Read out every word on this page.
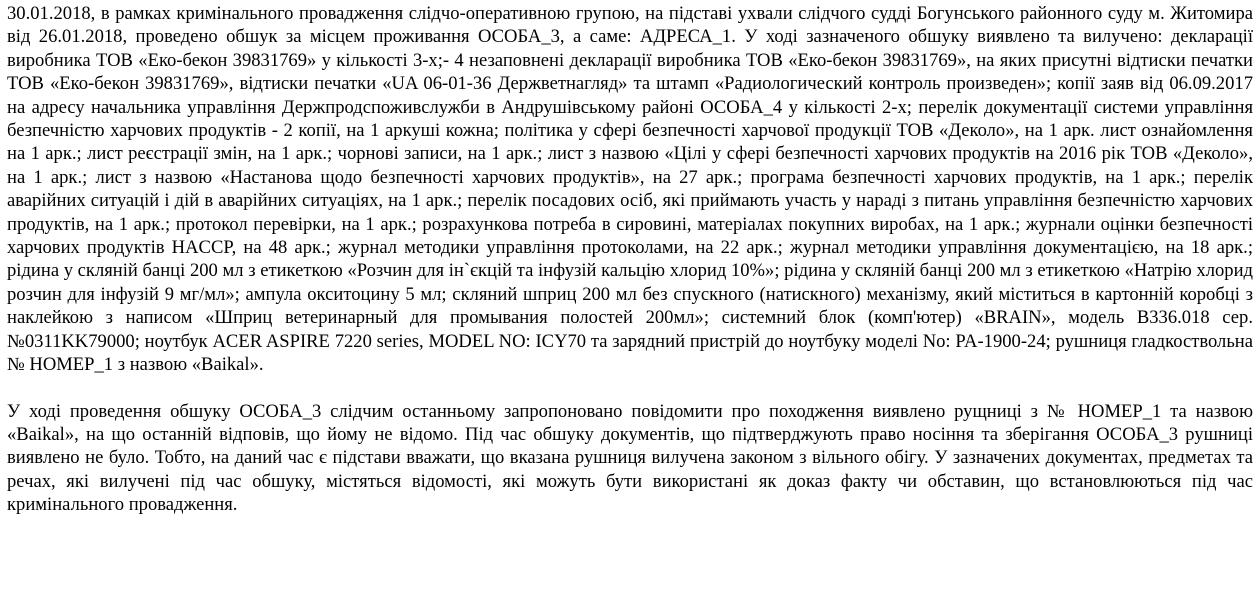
30.01.2018, в рамках кримінального провадження слідчо-оперативною групою, на підставі ухвали слідчого судді Богунського районного суду м. Житомира від 26.01.2018, проведено обшук за місцем проживання ОСОБА_3, а саме: АДРЕСА_1. У ході зазначеного обшуку виявлено та вилучено: декларації виробника ТОВ «Еко-бекон 39831769» у кількості 3-х;- 4 незаповнені декларації виробника ТОВ «Еко-бекон 39831769», на яких присутні відтиски печатки ТОВ «Еко-бекон 39831769», відтиски печатки «UA 06-01-36 Держветнагляд» та штамп «Радиологический контроль произведен»; копії заяв від 06.09.2017 на адресу начальника управління Держпродспоживслужби в Андрушівському районі ОСОБА_4 у кількості 2-х; перелік документації системи управління безпечністю харчових продуктів - 2 копії, на 1 аркуші кожна; політика у сфері безпечності харчової продукції ТОВ «Деколо», на 1 арк. лист ознайомлення на 1 арк.; лист реєстрації змін, на 1 арк.; чорнові записи, на 1 арк.; лист з назвою «Цілі у сфері безпечності харчових продуктів на 2016 рік ТОВ «Деколо», на 1 арк.; лист з назвою «Настанова щодо безпечності харчових продуктів», на 27 арк.; програма безпечності харчових продуктів, на 1 арк.; перелік аварійних ситуацій і дій в аварійних ситуаціях, на 1 арк.; перелік посадових осіб, які приймають участь у нараді з питань управління безпечністю харчових продуктів, на 1 арк.; протокол перевірки, на 1 арк.; розрахункова потреба в сировині, матеріалах покупних виробах, на 1 арк.; журнали оцінки безпечності харчових продуктів HACCP, на 48 арк.; журнал методики управління протоколами, на 22 арк.; журнал методики управління документацією, на 18 арк.; рідина у скляній банці 200 мл з етикеткою «Розчин для ін`єкцій та інфузій кальцію хлорид 10%»; рідина у скляній банці 200 мл з етикеткою «Натрію хлорид розчин для інфузій 9 мг/мл»; ампула окситоцину 5 мл; скляний шприц 200 мл без спускного (натискного) механізму, який міститься в картонній коробці з наклейкою з написом «Шприц ветеринарный для промывания полостей 200мл»; системний блок (комп'ютер) «BRAIN», модель B336.018 сер. №0311KK79000; ноутбук ACER ASPIRE 7220 series, MODEL NO: ICY70 та зарядний пристрій до ноутбуку моделі No: PA-1900-24; рушниця гладкоствольна № НОМЕР_1 з назвою «Baikal».

У ході проведення обшуку ОСОБА_3 слідчим останньому запропоновано повідомити про походження виявлено рущниці з № НОМЕР_1 та назвою «Baikal», на що останній відповів, що йому не відомо. Під час обшуку документів, що підтверджують право носіння та зберігання ОСОБА_3 рушниці виявлено не було. Тобто, на даний час є підстави вважати, що вказана рушниця вилучена законом з вільного обігу. У зазначених документах, предметах та речах, які вилучені під час обшуку, містяться відомості, які можуть бути використані як доказ факту чи обставин, що встановлюються під час кримінального провадження.
